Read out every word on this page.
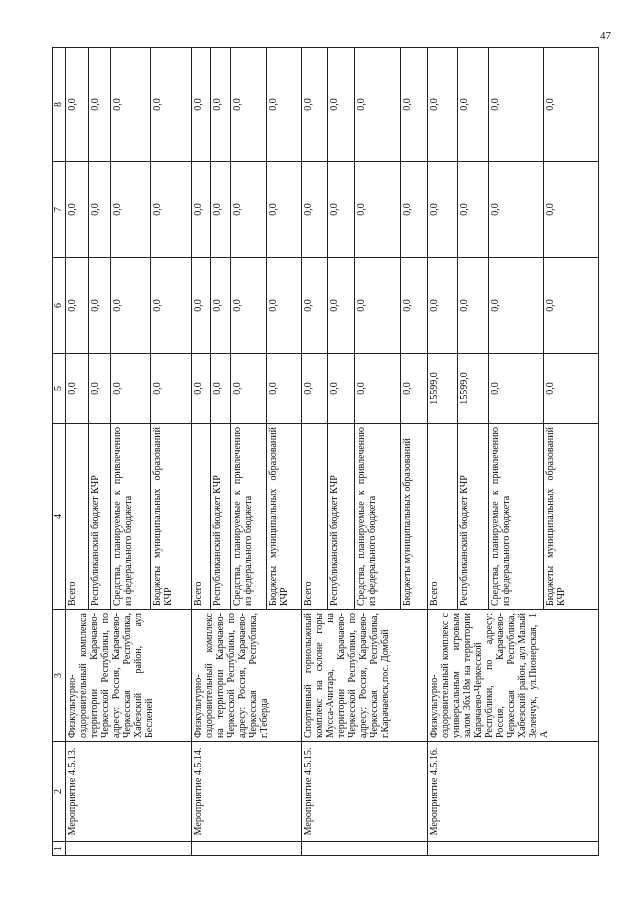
47
1	2	3	4	5	6	7	8
	Мероприятие 4.5.13.	Физкультурно-оздоровительный комплекса территории Карачаево-Черкесской Республики, по адресу: Россия, Карачаево-Черкесская Республика, Хабезский район, аул Бесленей	Всего	0,0	0,0	0,0	0,0
			Республиканский бюджет КЧР	0,0	0,0	0,0	0,0
			Средства, планируемые к привлечению из федерального бюджета	0,0	0,0	0,0	0,0
			Бюджеты муниципальных образований КЧР	0,0	0,0	0,0	0,0
	Мероприятие 4.5.14.	Физкультурно-оздоровительный комплекс на территории Карачаево-Черкесской Республики, по адресу: Россия, Карачаево-Черкесская Республика, г.Теберда	Всего	0,0	0,0	0,0	0,0
			Республиканский бюджет КЧР	0,0	0,0	0,0	0,0
			Средства, планируемые к привлечению из федерального бюджета	0,0	0,0	0,0	0,0
			Бюджеты муниципальных образований КЧР	0,0	0,0	0,0	0,0
	Мероприятие 4.5.15.	Спортивный горнолыжный комплекс на склоне горы Мусса-Ачитара, на территории Карачаево-Черкесской Республики, по адресу: Россия, Карачаево-Черкесская Республика, г.Карачаевск,пос. Домбай	Всего	0,0	0,0	0,0	0,0
			Республиканский бюджет КЧР	0,0	0,0	0,0	0,0
			Средства, планируемые к привлечению из федерального бюджета	0,0	0,0	0,0	0,0
			Бюджеты муниципальных образований	0,0	0,0	0,0	0,0
	Мероприятие 4.5.16.	Физкультурно-оздоровительный комплекс с универсальным игровым залом 36х18м на территории Карачаево-Черкесской Республики, по адресу: Россия, Карачаево-Черкесская Республика, Хабезский район, аул Малый Зеленчук, ул.Пионерская, 1 А	Всего	15599,0	0,0	0,0	0,0
			Республиканский бюджет КЧР	15599,0	0,0	0,0	0,0
			Средства, планируемые к привлечению из федерального бюджета	0,0	0,0	0,0	0,0
			Бюджеты муниципальных образований КЧР	0,0	0,0	0,0	0,0
